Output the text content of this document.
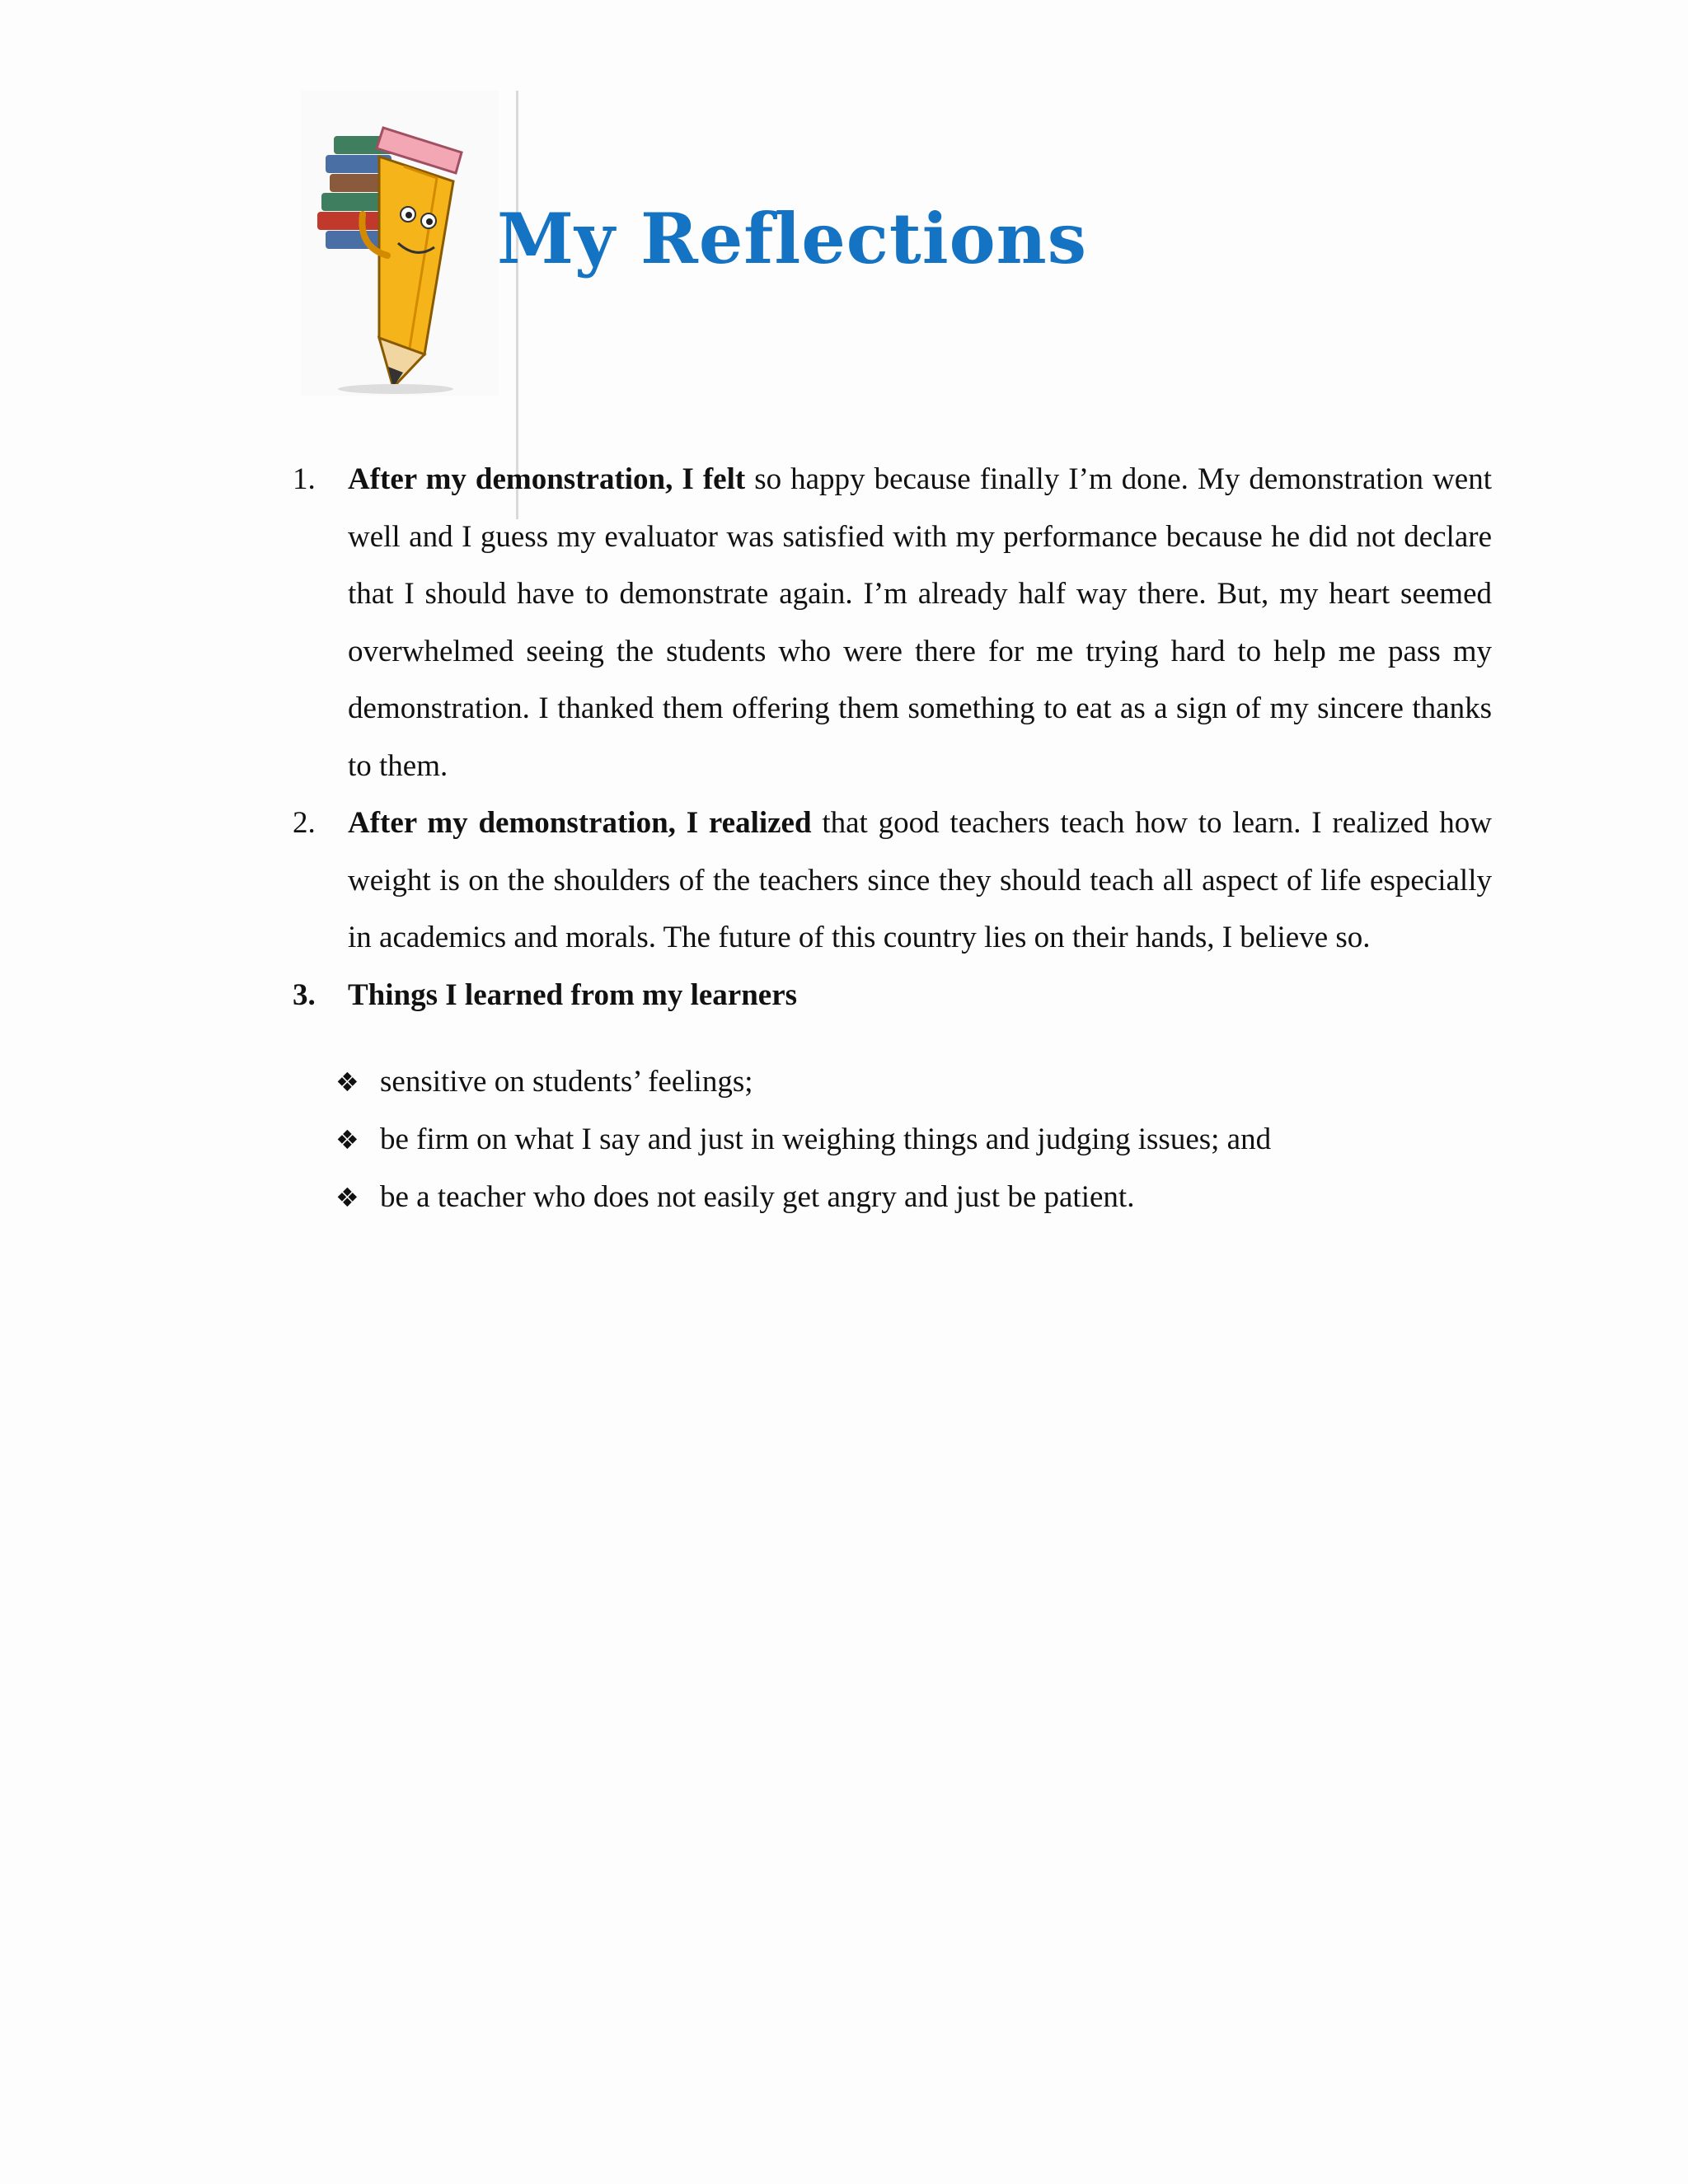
My Reflections
1. After my demonstration, I felt so happy because finally I’m done. My demonstration went well and I guess my evaluator was satisfied with my performance because he did not declare that I should have to demonstrate again. I’m already half way there. But, my heart seemed overwhelmed seeing the students who were there for me trying hard to help me pass my demonstration. I thanked them offering them something to eat as a sign of my sincere thanks to them.
2. After my demonstration, I realized that good teachers teach how to learn. I realized how weight is on the shoulders of the teachers since they should teach all aspect of life especially in academics and morals. The future of this country lies on their hands, I believe so.
3. Things I learned from my learners
❖ sensitive on students’ feelings;
❖ be firm on what I say and just in weighing things and judging issues; and
❖ be a teacher who does not easily get angry and just be patient.
